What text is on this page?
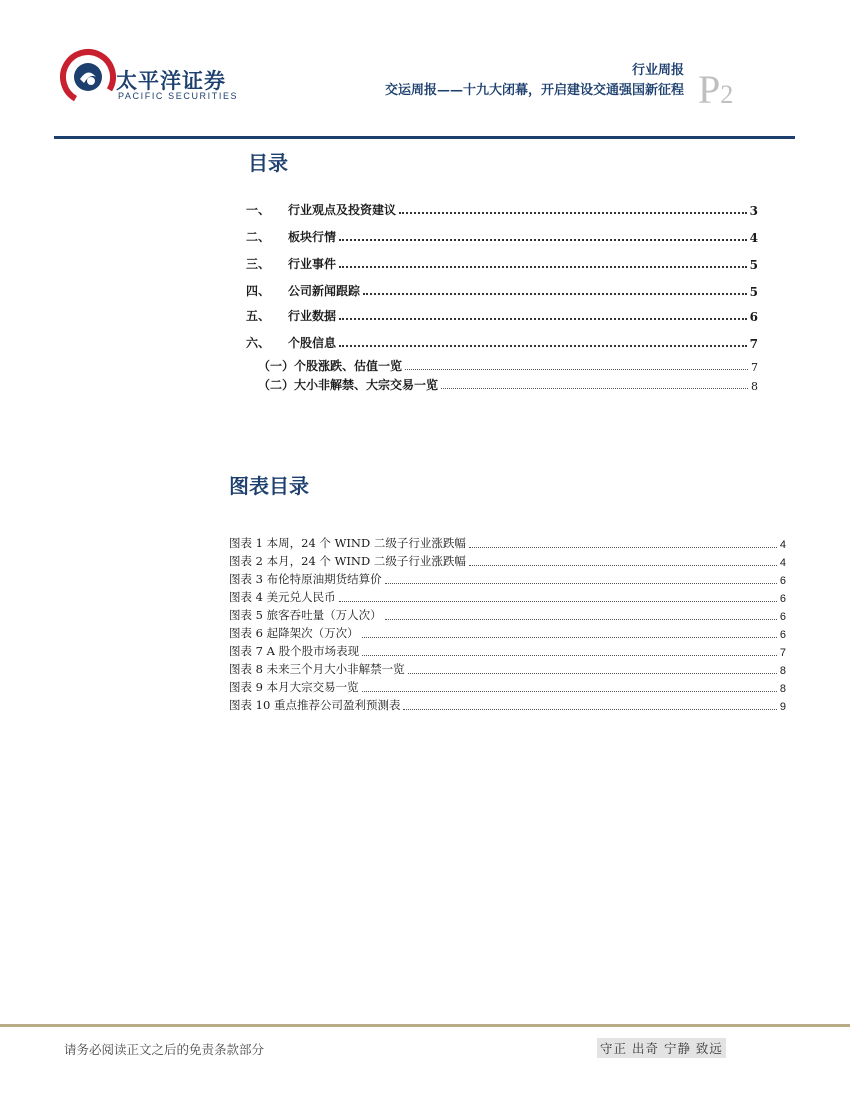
太平洋证券
PACIFIC SECURITIES
行业周报
交运周报——十九大闭幕，开启建设交通强国新征程 P2
目录
一、	行业观点及投资建议	3
二、	板块行情	4
三、	行业事件	5
四、	公司新闻跟踪	5
五、	行业数据	6
六、	个股信息	7
（一）个股涨跌、估值一览	7
（二）大小非解禁、大宗交易一览	8
图表目录
图表 1 本周，24 个 WIND 二级子行业涨跌幅	4
图表 2 本月，24 个 WIND 二级子行业涨跌幅	4
图表 3 布伦特原油期货结算价	6
图表 4 美元兑人民币	6
图表 5 旅客吞吐量（万人次）	6
图表 6 起降架次（万次）	6
图表 7 A 股个股市场表现	7
图表 8 未来三个月大小非解禁一览	8
图表 9 本月大宗交易一览	8
图表 10 重点推荐公司盈利预测表	9
请务必阅读正文之后的免责条款部分	守正 出奇 宁静 致远
